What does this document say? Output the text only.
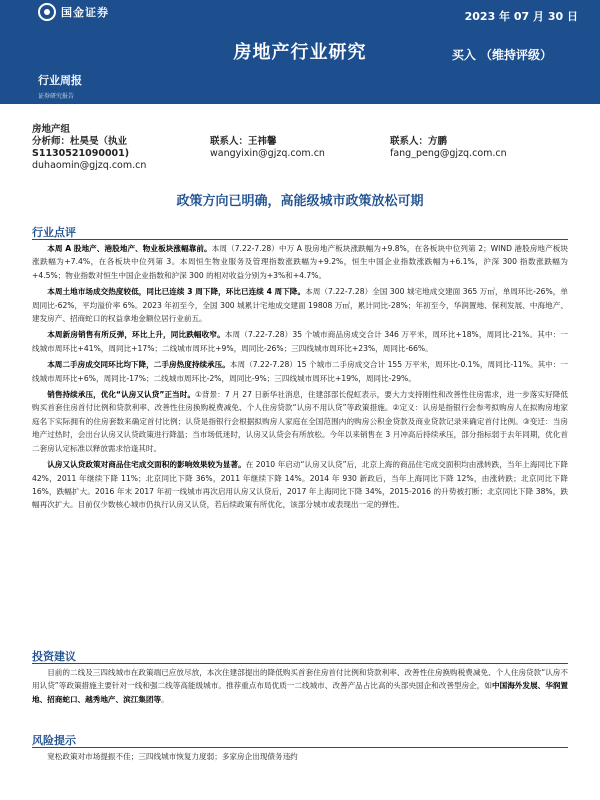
国金证券	2023 年 07 月 30 日
房地产行业研究	买入 （维持评级）
行业周报
证券研究报告
房地产组
分析师：杜昊旻（执业
S1130521090001)
duhaomin@gjzq.com.cn
联系人：王祎馨
wangyixin@gjzq.com.cn
联系人：方鹏
fang_peng@gjzq.com.cn
政策方向已明确，高能级城市政策放松可期
行业点评

本周 A 股地产、港股地产、物业板块涨幅靠前。本周（7.22-7.28）中万 A 股房地产板块涨跌幅为+9.8%，在各板块中位列第 2；WIND 港股房地产板块涨跌幅为+7.4%，在各板块中位列第 3。本周恒生物业服务及管理指数涨跌幅为+9.2%，恒生中国企业指数涨跌幅为+6.1%，沪深 300 指数涨跌幅为+4.5%；物业指数对恒生中国企业指数和沪深 300 的相对收益分别为+3%和+4.7%。

本周土地市场成交热度较低，同比已连续 3 周下降，环比已连续 4 周下降。本周（7.22-7.28）全国 300 城宅地成交建面 365 万㎡，单周环比-26%，单周同比-62%，平均溢价率 6%。2023 年初至今，全国 300 城累计宅地成交建面 19808 万㎡，累计同比-28%；年初至今，华润置地、保利发展、中海地产、建发房产、招商蛇口的权益拿地金额位居行业前五。

本周新房销售有所反弹，环比上升，同比跌幅收窄。本周（7.22-7.28）35 个城市商品房成交合计 346 万平米，周环比+18%，周同比-21%。其中：一线城市周环比+41%，周同比+17%；二线城市周环比+9%，周同比-26%；三四线城市周环比+23%，周同比-66%。

本周二手房成交同环比均下降，二手房热度持续承压。本周（7.22-7.28）15 个城市二手房成交合计 155 万平米，周环比-0.1%，周同比-11%。其中：一线城市周环比+6%，周同比-17%；二线城市周环比-2%，周同比-9%；三四线城市周环比+19%，周同比-29%。

销售持续承压，优化“认房又认贷”正当时。①背景：7 月 27 日新华社消息，住建部部长倪虹表示，要大力支持刚性和改善性住房需求，进一步落实好降低购买首套住房首付比例和贷款利率、改善性住房换购税费减免、个人住房贷款“认房不用认贷”等政策措施。②定义：认房是指银行会参考拟购房人在拟购房地家庭名下实际拥有的住房套数来确定首付比例；认贷是指银行会根据拟购房人家庭在全国范围内的购房公积金贷款及商业贷款记录来确定首付比例。③变迁：当房地产过热时，会出台认房又认贷政策进行降温；当市场低迷时，认房又认贷会有所放松。今年以来销售在 3 月冲高后持续承压，部分指标弱于去年同期，优化首二套房认定标准以释放需求恰逢其时。

认房又认贷政策对商品住宅成交面积的影响效果较为显著。在 2010 年启动“认房又认贷”后，北京上海的商品住宅成交面积均由涨转跌，当年上海同比下降 42%，2011 年继续下降 11%；北京同比下降 36%，2011 年继续下降 14%。2014 年 930 新政后，当年上海同比下降 12%，由涨转跌；北京同比下降 16%，跌幅扩大。2016 年末 2017 年初一线城市再次启用认房又认贷后，2017 年上海同比下降 34%，2015-2016 的升势被打断；北京同比下降 38%，跌幅再次扩大。目前仅少数核心城市仍执行认房又认贷，若后续政策有所优化，该部分城市或表现出一定的弹性。

投资建议

目前的二线及三四线城市在政策端已应放尽放，本次住建部提出的降低购买首套住房首付比例和贷款利率、改善性住房换购税费减免、个人住房贷款“认房不用认贷”等政策措施主要针对一线和强二线等高能级城市。推荐重点布局优质一二线城市、改善产品占比高的头部央国企和改善型房企，如中国海外发展、华润置地、招商蛇口、越秀地产、滨江集团等。

风险提示

宽松政策对市场提振不佳；三四线城市恢复力度弱；多家房企出现债务违约
